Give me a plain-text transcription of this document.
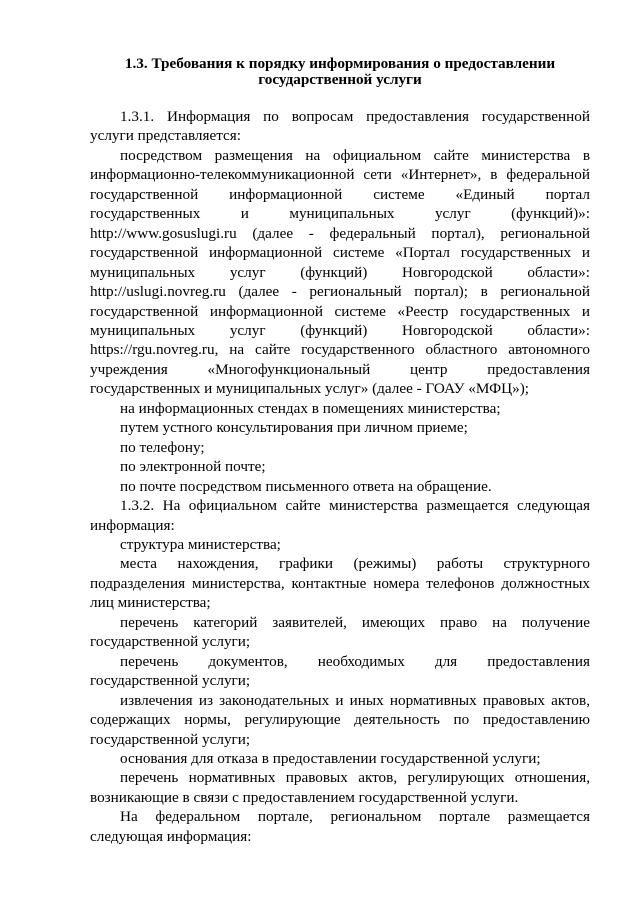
1.3. Требования к порядку информирования о предоставлении
государственной услуги

1.3.1. Информация по вопросам предоставления государственной услуги представляется:

посредством размещения на официальном сайте министерства в информационно-телекоммуникационной сети «Интернет», в федеральной государственной информационной системе «Единый портал государственных и муниципальных услуг (функций)»: http://www.gosuslugi.ru (далее - федеральный портал), региональной государственной информационной системе «Портал государственных и муниципальных услуг (функций) Новгородской области»: http://uslugi.novreg.ru (далее - региональный портал); в региональной государственной информационной системе «Реестр государственных и муниципальных услуг (функций) Новгородской области»: https://rgu.novreg.ru, на сайте государственного областного автономного учреждения «Многофункциональный центр предоставления государственных и муниципальных услуг» (далее - ГОАУ «МФЦ»);

на информационных стендах в помещениях министерства;

путем устного консультирования при личном приеме;

по телефону;

по электронной почте;

по почте посредством письменного ответа на обращение.

1.3.2. На официальном сайте министерства размещается следующая информация:

структура министерства;

места нахождения, графики (режимы) работы структурного подразделения министерства, контактные номера телефонов должностных лиц министерства;

перечень категорий заявителей, имеющих право на получение государственной услуги;

перечень документов, необходимых для предоставления государственной услуги;

извлечения из законодательных и иных нормативных правовых актов, содержащих нормы, регулирующие деятельность по предоставлению государственной услуги;

основания для отказа в предоставлении государственной услуги;

перечень нормативных правовых актов, регулирующих отношения, возникающие в связи с предоставлением государственной услуги.

На федеральном портале, региональном портале размещается следующая информация:
